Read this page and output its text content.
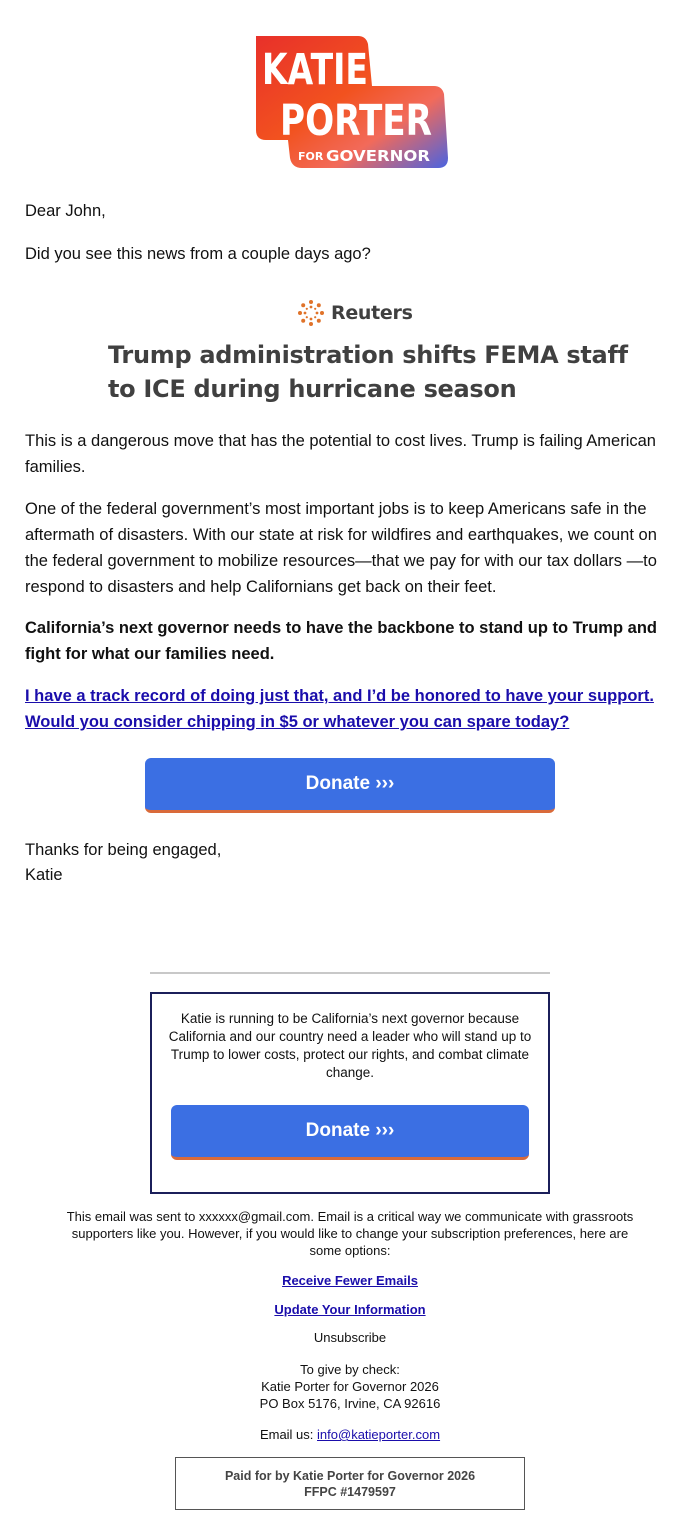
KATIE
PORTER
FOR GOVERNOR

Dear John,

Did you see this news from a couple days ago?

Reuters
Trump administration shifts FEMA staff
to ICE during hurricane season

This is a dangerous move that has the potential to cost lives. Trump is failing American families.

One of the federal government’s most important jobs is to keep Americans safe in the aftermath of disasters. With our state at risk for wildfires and earthquakes, we count on the federal government to mobilize resources—that we pay for with our tax dollars —to respond to disasters and help Californians get back on their feet.

California’s next governor needs to have the backbone to stand up to Trump and fight for what our families need.

I have a track record of doing just that, and I’d be honored to have your support. Would you consider chipping in $5 or whatever you can spare today?

Donate ›››

Thanks for being engaged,

Katie

Katie is running to be California’s next governor because California and our country need a leader who will stand up to Trump to lower costs, protect our rights, and combat climate change.

Donate ›››

This email was sent to xxxxxx@gmail.com. Email is a critical way we communicate with grassroots supporters like you. However, if you would like to change your subscription preferences, here are some options:

Receive Fewer Emails

Update Your Information

Unsubscribe

To give by check:

Katie Porter for Governor 2026

PO Box 5176, Irvine, CA 92616

Email us: info@katieporter.com

Paid for by Katie Porter for Governor 2026
FFPC #1479597
